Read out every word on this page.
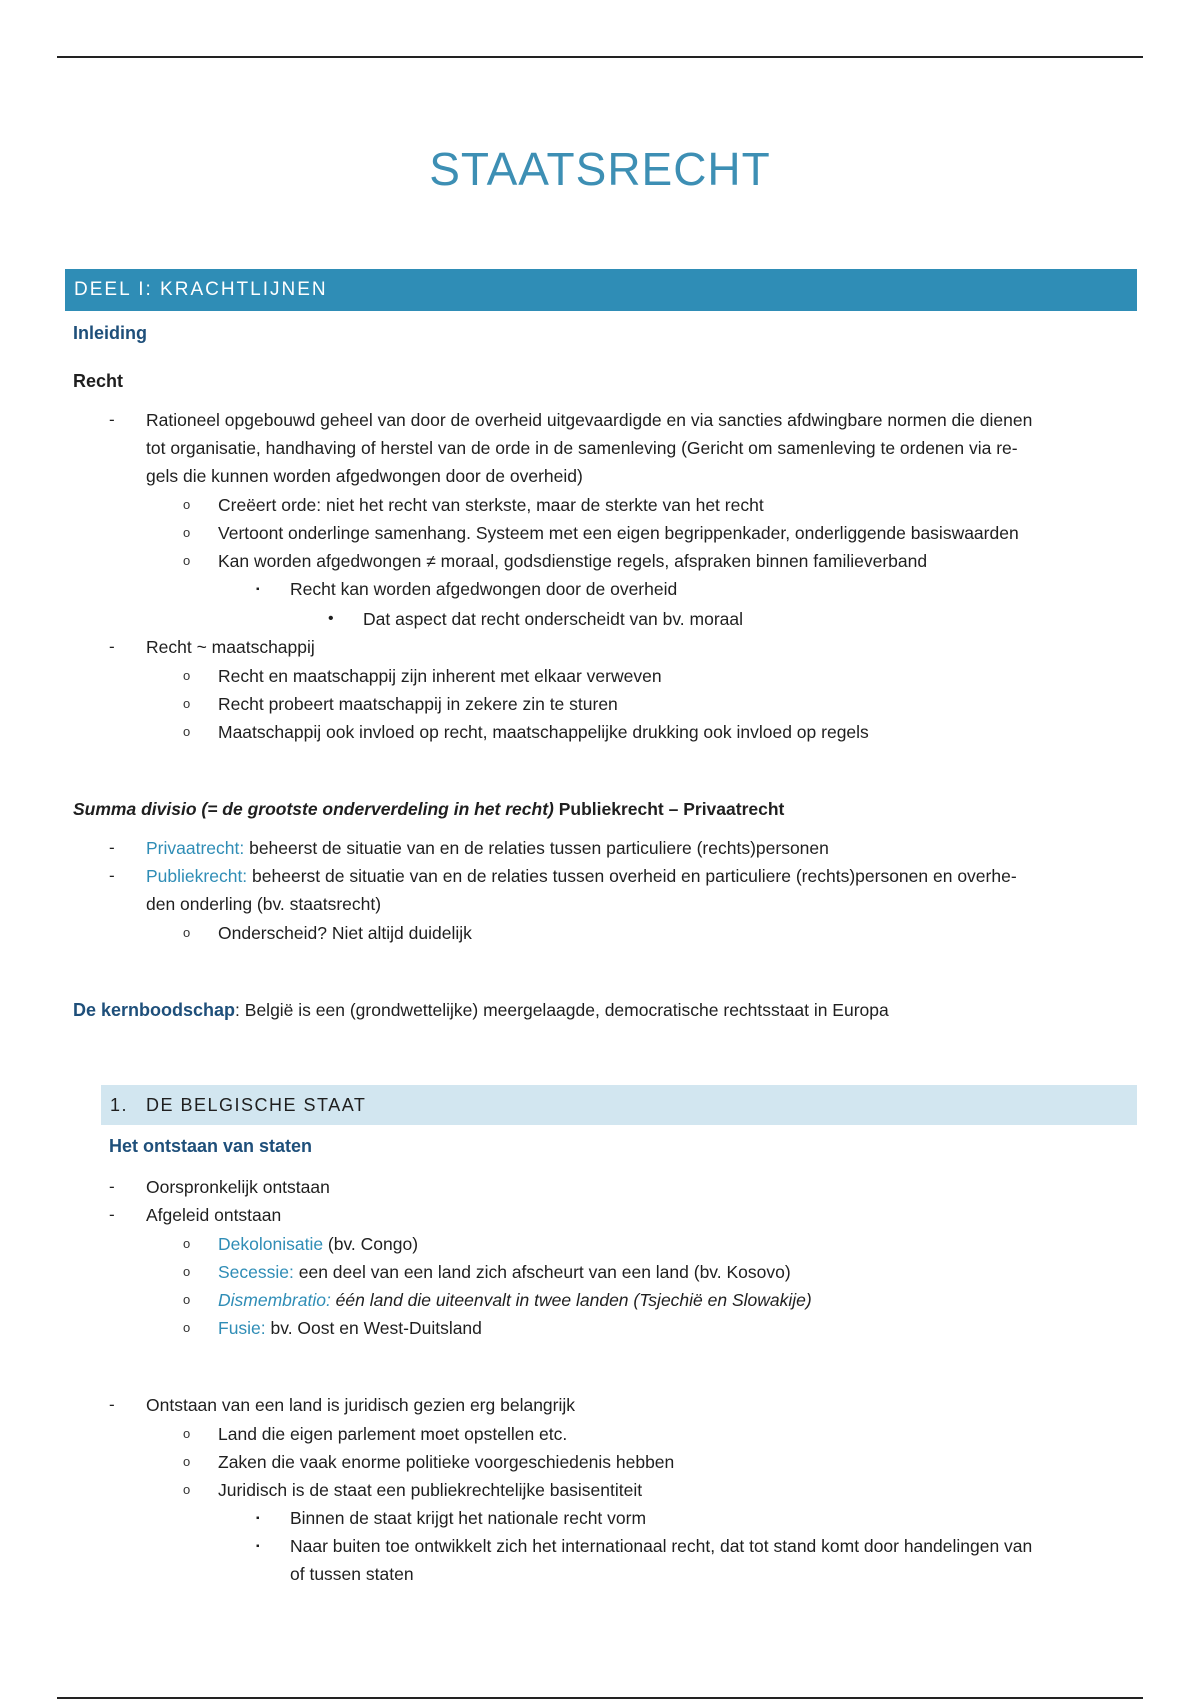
STAATSRECHT
DEEL I: KRACHTLIJNEN
Inleiding
Recht
- Rationeel opgebouwd geheel van door de overheid uitgevaardigde en via sancties afdwingbare normen die dienen
tot organisatie, handhaving of herstel van de orde in de samenleving (Gericht om samenleving te ordenen via re-
gels die kunnen worden afgedwongen door de overheid)
o Creëert orde: niet het recht van sterkste, maar de sterkte van het recht
o Vertoont onderlinge samenhang. Systeem met een eigen begrippenkader, onderliggende basiswaarden
o Kan worden afgedwongen ≠ moraal, godsdienstige regels, afspraken binnen familieverband
▪ Recht kan worden afgedwongen door de overheid
• Dat aspect dat recht onderscheidt van bv. moraal
- Recht ~ maatschappij
o Recht en maatschappij zijn inherent met elkaar verweven
o Recht probeert maatschappij in zekere zin te sturen
o Maatschappij ook invloed op recht, maatschappelijke drukking ook invloed op regels
Summa divisio (= de grootste onderverdeling in het recht) Publiekrecht – Privaatrecht
- Privaatrecht: beheerst de situatie van en de relaties tussen particuliere (rechts)personen
- Publiekrecht: beheerst de situatie van en de relaties tussen overheid en particuliere (rechts)personen en overhe-
den onderling (bv. staatsrecht)
o Onderscheid? Niet altijd duidelijk
De kernboodschap: België is een (grondwettelijke) meergelaagde, democratische rechtsstaat in Europa
1. DE BELGISCHE STAAT
Het ontstaan van staten
- Oorspronkelijk ontstaan
- Afgeleid ontstaan
o Dekolonisatie (bv. Congo)
o Secessie: een deel van een land zich afscheurt van een land (bv. Kosovo)
o Dismembratio: één land die uiteenvalt in twee landen (Tsjechië en Slowakije)
o Fusie: bv. Oost en West-Duitsland
- Ontstaan van een land is juridisch gezien erg belangrijk
o Land die eigen parlement moet opstellen etc.
o Zaken die vaak enorme politieke voorgeschiedenis hebben
o Juridisch is de staat een publiekrechtelijke basisentiteit
▪ Binnen de staat krijgt het nationale recht vorm
▪ Naar buiten toe ontwikkelt zich het internationaal recht, dat tot stand komt door handelingen van
of tussen staten
